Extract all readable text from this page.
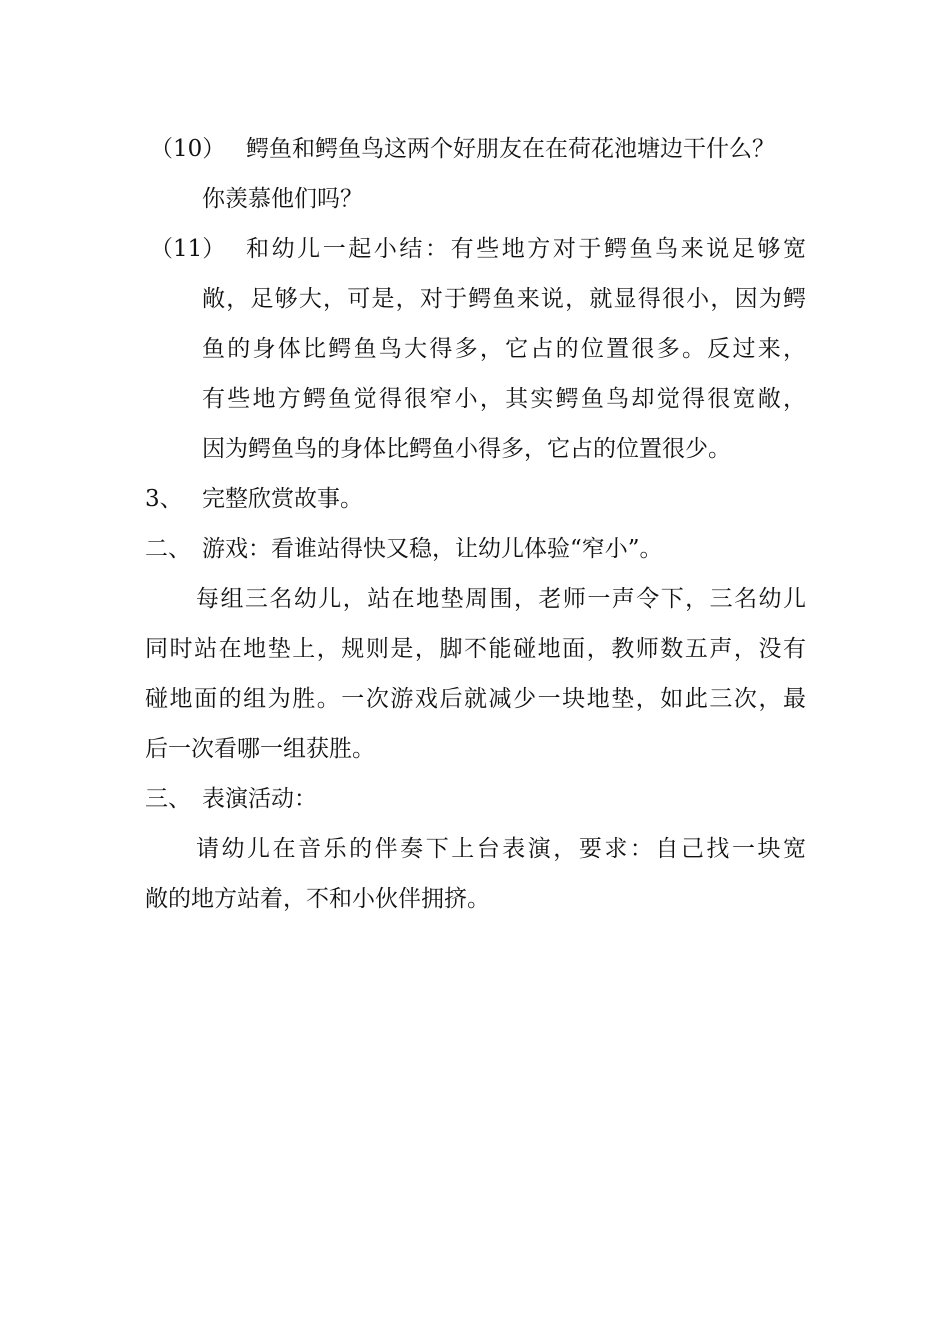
（10） 鳄鱼和鳄鱼鸟这两个好朋友在在荷花池塘边干什么？
你羡慕他们吗？
（11） 和幼儿一起小结：有些地方对于鳄鱼鸟来说足够宽
敞，足够大，可是，对于鳄鱼来说，就显得很小，因为鳄
鱼的身体比鳄鱼鸟大得多，它占的位置很多。反过来，
有些地方鳄鱼觉得很窄小，其实鳄鱼鸟却觉得很宽敞，
因为鳄鱼鸟的身体比鳄鱼小得多，它占的位置很少。
3、 完整欣赏故事。
二、 游戏：看谁站得快又稳，让幼儿体验“窄小”。
每组三名幼儿，站在地垫周围，老师一声令下，三名幼儿
同时站在地垫上，规则是，脚不能碰地面，教师数五声，没有
碰地面的组为胜。一次游戏后就减少一块地垫，如此三次，最
后一次看哪一组获胜。
三、 表演活动：
请幼儿在音乐的伴奏下上台表演，要求：自己找一块宽
敞的地方站着，不和小伙伴拥挤。
